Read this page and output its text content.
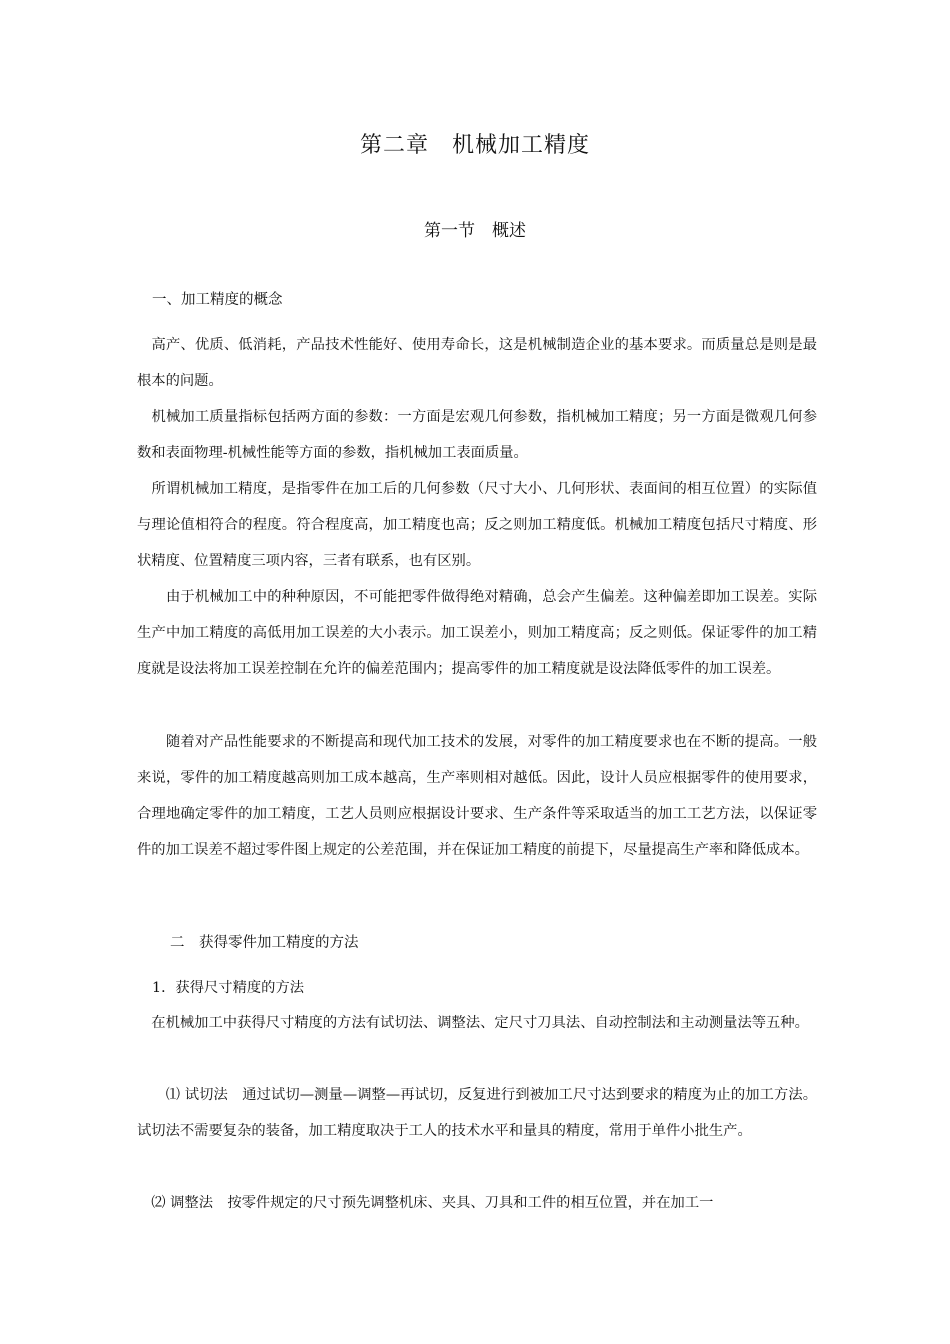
第二章　机械加工精度
第一节　概述
一、加工精度的概念

　高产、优质、低消耗，产品技术性能好、使用寿命长，这是机械制造企业的基本要求。而质量总是则是最根本的问题。

　机械加工质量指标包括两方面的参数：一方面是宏观几何参数，指机械加工精度；另一方面是微观几何参数和表面物理-机械性能等方面的参数，指机械加工表面质量。

　所谓机械加工精度，是指零件在加工后的几何参数（尺寸大小、几何形状、表面间的相互位置）的实际值与理论值相符合的程度。符合程度高，加工精度也高；反之则加工精度低。机械加工精度包括尺寸精度、形状精度、位置精度三项内容，三者有联系，也有区别。

　　由于机械加工中的种种原因，不可能把零件做得绝对精确，总会产生偏差。这种偏差即加工误差。实际生产中加工精度的高低用加工误差的大小表示。加工误差小，则加工精度高；反之则低。保证零件的加工精度就是设法将加工误差控制在允许的偏差范围内；提高零件的加工精度就是设法降低零件的加工误差。

　　随着对产品性能要求的不断提高和现代加工技术的发展，对零件的加工精度要求也在不断的提高。一般来说，零件的加工精度越高则加工成本越高，生产率则相对越低。因此，设计人员应根据零件的使用要求，合理地确定零件的加工精度，工艺人员则应根据设计要求、生产条件等采取适当的加工工艺方法，以保证零件的加工误差不超过零件图上规定的公差范围，并在保证加工精度的前提下，尽量提高生产率和降低成本。

二　获得零件加工精度的方法
1．获得尺寸精度的方法

　在机械加工中获得尺寸精度的方法有试切法、调整法、定尺寸刀具法、自动控制法和主动测量法等五种。

　　⑴ 试切法　通过试切—测量—调整—再试切，反复进行到被加工尺寸达到要求的精度为止的加工方法。试切法不需要复杂的装备，加工精度取决于工人的技术水平和量具的精度，常用于单件小批生产。

　⑵ 调整法　按零件规定的尺寸预先调整机床、夹具、刀具和工件的相互位置，并在加工一
